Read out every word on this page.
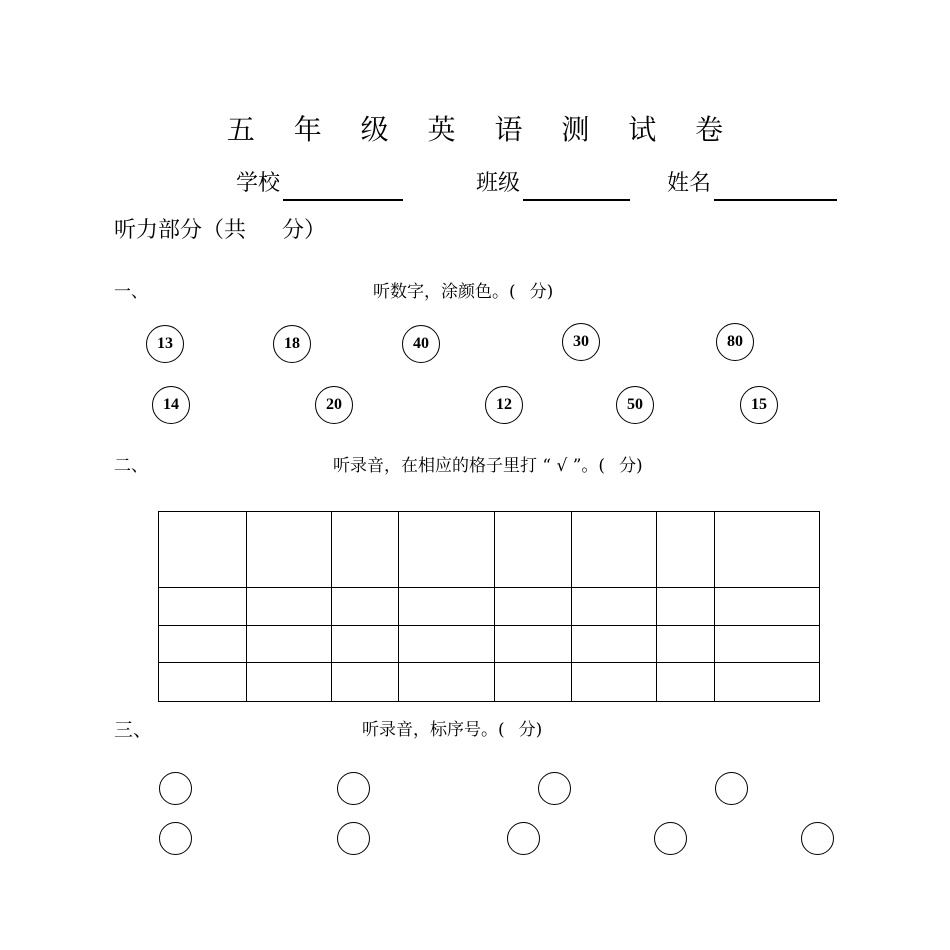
五 年 级 英 语 测 试 卷
学校	班级	姓名
听力部分（共 分）
一、	听数字，涂颜色。( 分)
13	18	40	30	80
14	20	12	50	15
二、	听录音，在相应的格子里打 “ √ ”。( 分)

三、	听录音，标序号。( 分)
